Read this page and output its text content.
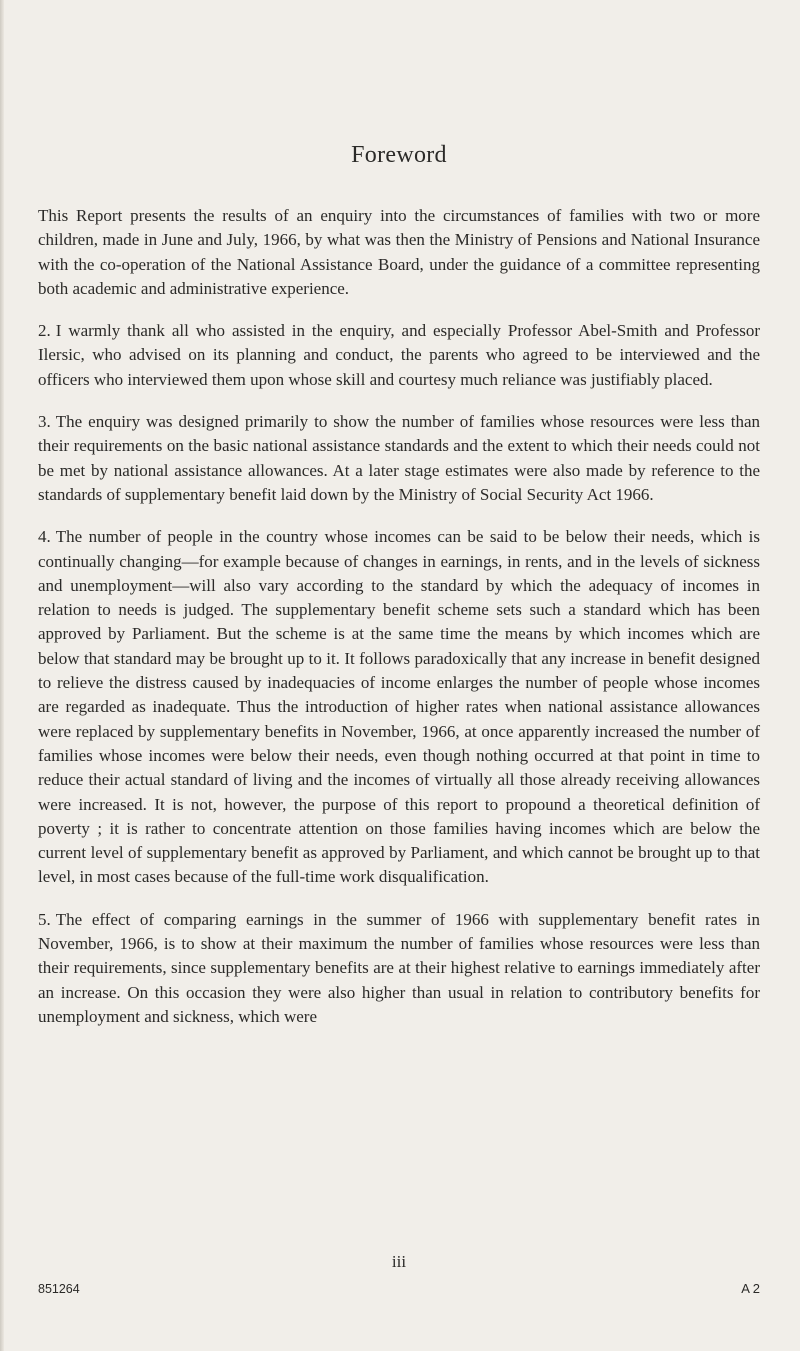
Foreword

This Report presents the results of an enquiry into the circumstances of families with two or more children, made in June and July, 1966, by what was then the Ministry of Pensions and National Insurance with the co-operation of the National Assistance Board, under the guidance of a committee representing both academic and administrative experience.

2. I warmly thank all who assisted in the enquiry, and especially Professor Abel-Smith and Professor Ilersic, who advised on its planning and conduct, the parents who agreed to be interviewed and the officers who interviewed them upon whose skill and courtesy much reliance was justifiably placed.

3. The enquiry was designed primarily to show the number of families whose resources were less than their requirements on the basic national assistance standards and the extent to which their needs could not be met by national assistance allowances. At a later stage estimates were also made by reference to the standards of supplementary benefit laid down by the Ministry of Social Security Act 1966.

4. The number of people in the country whose incomes can be said to be below their needs, which is continually changing—for example because of changes in earnings, in rents, and in the levels of sickness and unemployment—will also vary according to the standard by which the adequacy of incomes in relation to needs is judged. The supplementary benefit scheme sets such a standard which has been approved by Parliament. But the scheme is at the same time the means by which incomes which are below that standard may be brought up to it. It follows paradoxically that any increase in benefit designed to relieve the distress caused by inadequacies of income enlarges the number of people whose incomes are regarded as inadequate. Thus the introduction of higher rates when national assistance allowances were replaced by supplementary benefits in November, 1966, at once apparently increased the number of families whose incomes were below their needs, even though nothing occurred at that point in time to reduce their actual standard of living and the incomes of virtually all those already receiving allowances were increased. It is not, however, the purpose of this report to propound a theoretical definition of poverty ; it is rather to concentrate attention on those families having incomes which are below the current level of supplementary benefit as approved by Parliament, and which cannot be brought up to that level, in most cases because of the full-time work disqualification.

5. The effect of comparing earnings in the summer of 1966 with supplementary benefit rates in November, 1966, is to show at their maximum the number of families whose resources were less than their requirements, since supplementary benefits are at their highest relative to earnings immediately after an increase. On this occasion they were also higher than usual in relation to contributory benefits for unemployment and sickness, which were

iii
851264	A 2
